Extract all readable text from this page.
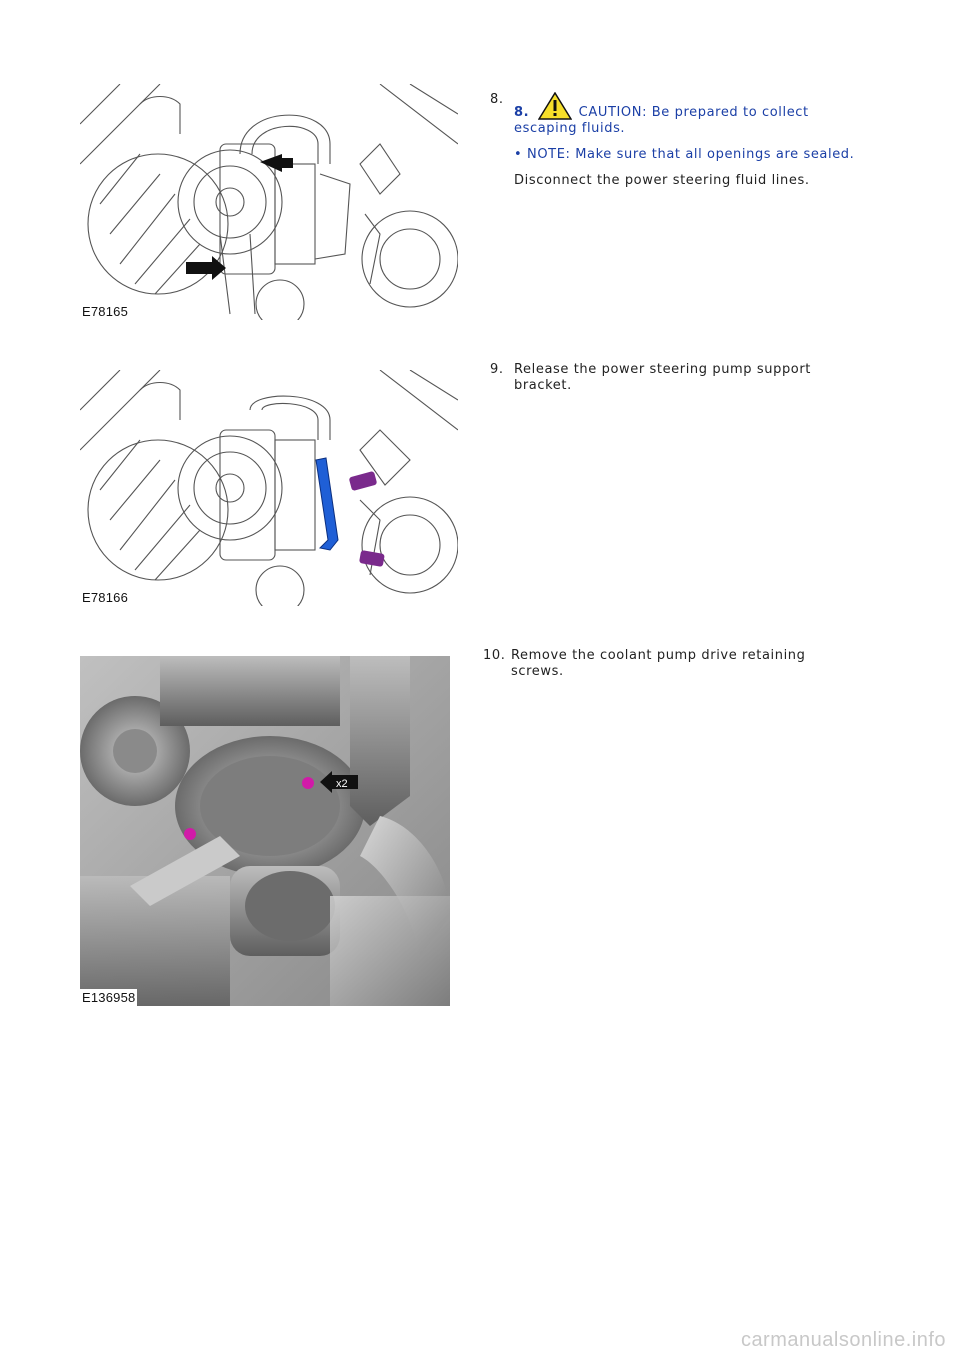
E78165
8.
8.	CAUTION: Be prepared to collect escaping fluids.
• NOTE: Make sure that all openings are sealed.
Disconnect the power steering fluid lines.
E78166
9. Release the power steering pump support bracket.
x2
E136958
10. Remove the coolant pump drive retaining screws.
carmanualsonline.info
